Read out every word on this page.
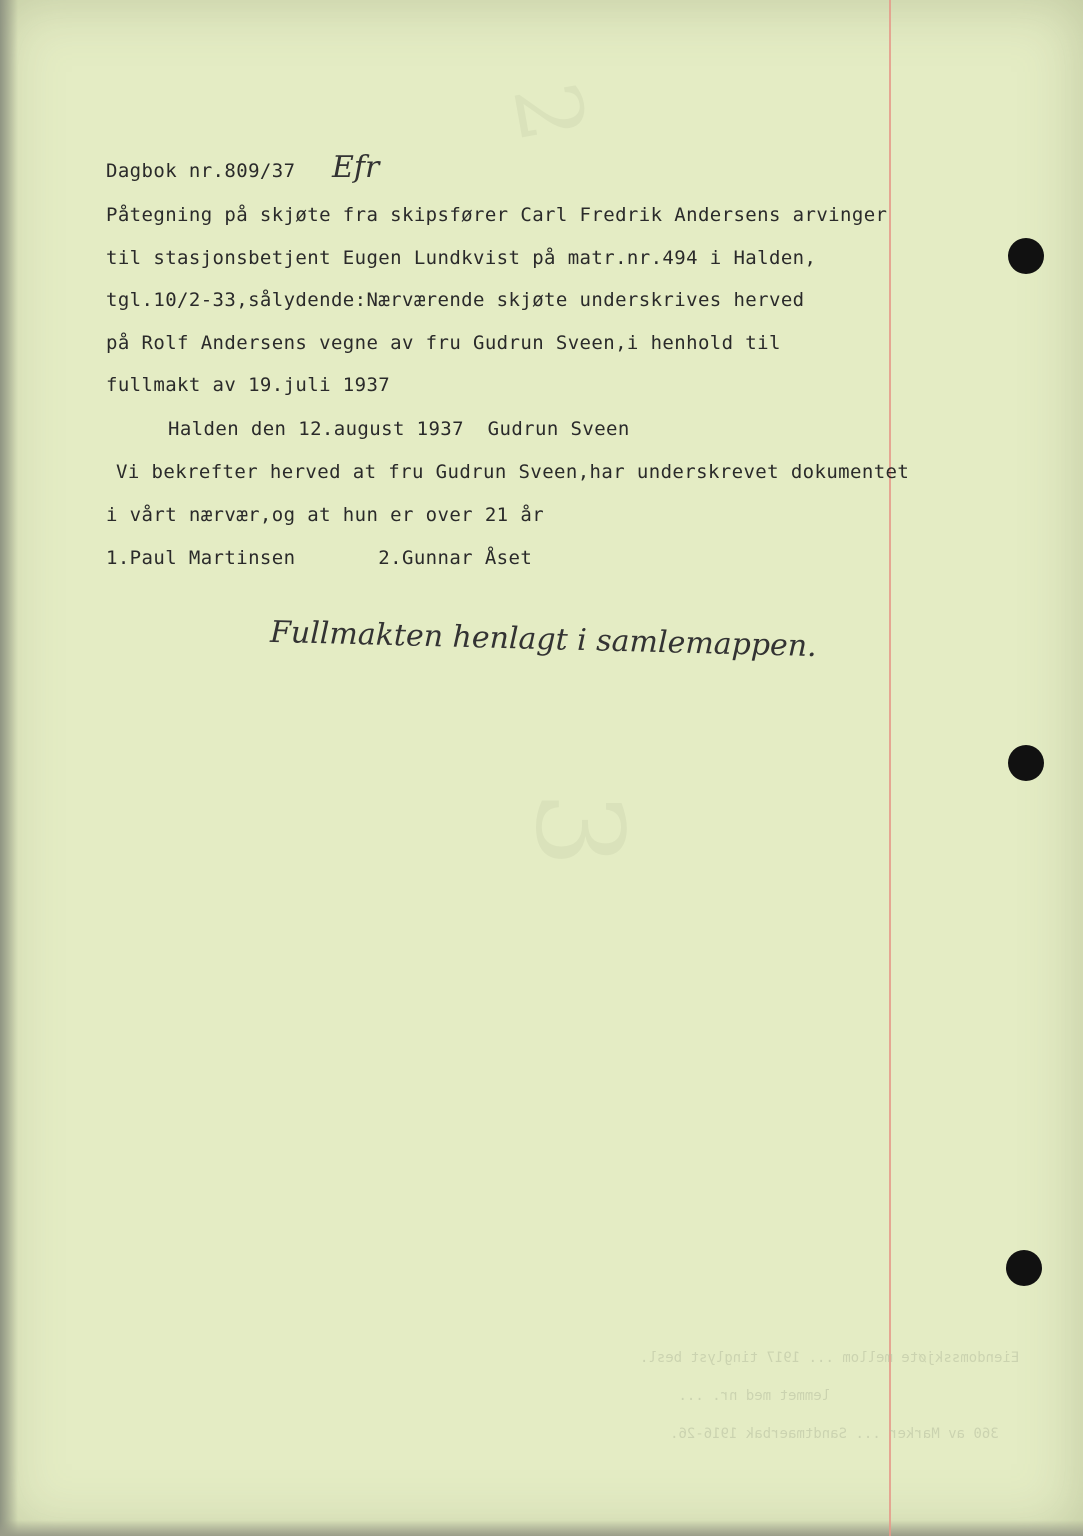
2
3
Dagbok nr.809/37 Efr
Påtegning på skjøte fra skipsfører Carl Fredrik Andersens arvinger
til stasjonsbetjent Eugen Lundkvist på matr.nr.494 i Halden,
tgl.10/2-33,sålydende:Nærværende skjøte underskrives herved
på Rolf Andersens vegne av fru Gudrun Sveen,i henhold til
fullmakt av 19.juli 1937
Halden den 12.august 1937  Gudrun Sveen
Vi bekrefter herved at fru Gudrun Sveen,har underskrevet dokumentet
i vårt nærvær,og at hun er over 21 år
1.Paul Martinsen       2.Gunnar Åset
Fullmakten henlagt i samlemappen.
Eiendomsskjøte mellom ... 1917 tinglyst besl.
lemmet med nr. ...
360 av Marker ... Sandtmaerbak 1916-26.
